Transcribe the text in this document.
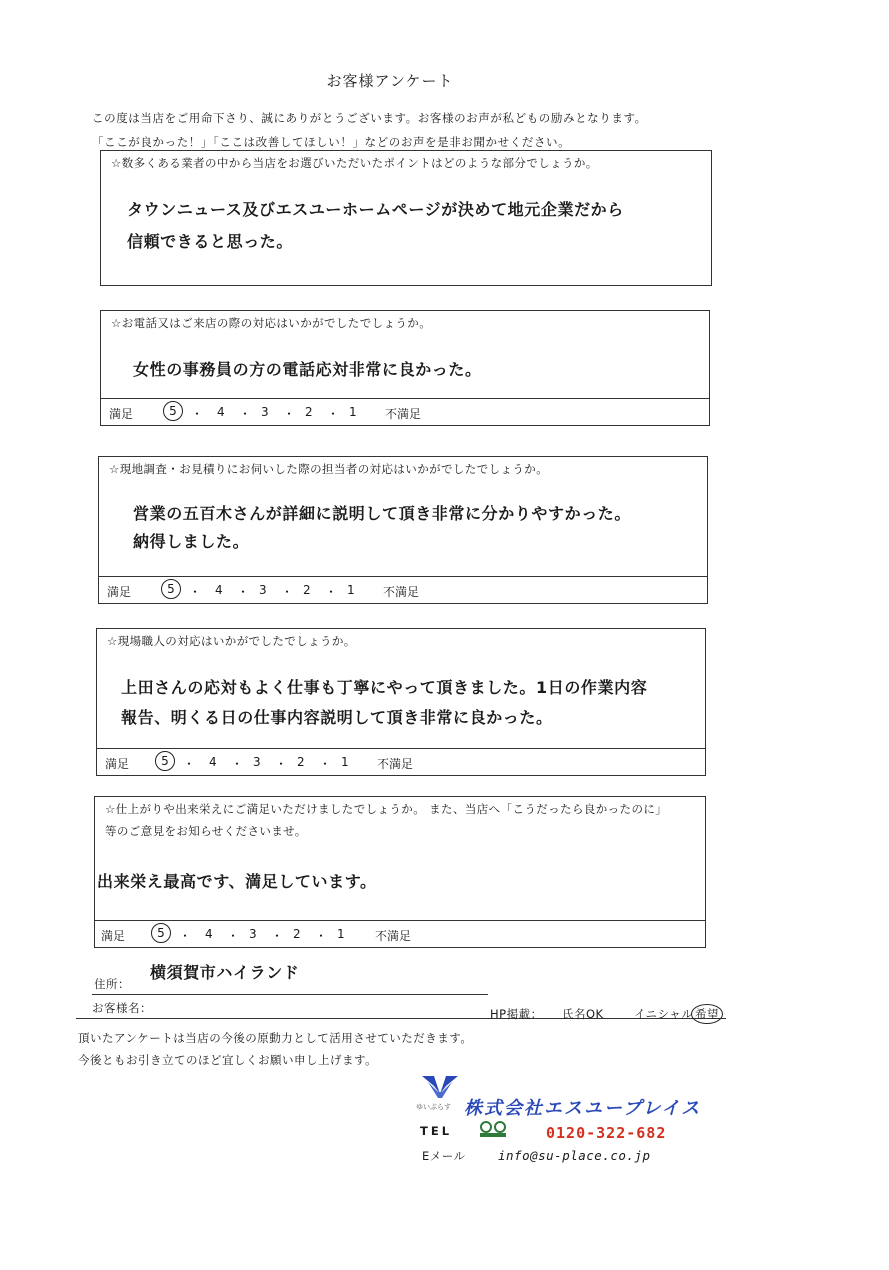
お客様アンケート
この度は当店をご用命下さり、誠にありがとうございます。お客様のお声が私どもの励みとなります。
「ここが良かった！」「ここは改善してほしい！」などのお声を是非お聞かせください。
☆数多くある業者の中から当店をお選びいただいたポイントはどのような部分でしょうか。
タウンニュース及びエスユーホームページが決めて地元企業だから
信頼できると思った。
☆お電話又はご来店の際の対応はいかがでしたでしょうか。
女性の事務員の方の電話応対非常に良かった。
満足	5	・ 4 ・ 3 ・ 2 ・ 1 不満足
☆現地調査・お見積りにお伺いした際の担当者の対応はいかがでしたでしょうか。
営業の五百木さんが詳細に説明して頂き非常に分かりやすかった。
納得しました。
満足	5	・ 4 ・ 3 ・ 2 ・ 1 不満足
☆現場職人の対応はいかがでしたでしょうか。
上田さんの応対もよく仕事も丁寧にやって頂きました。1日の作業内容
報告、明くる日の仕事内容説明して頂き非常に良かった。
満足	5	・ 4 ・ 3 ・ 2 ・ 1 不満足
☆仕上がりや出来栄えにご満足いただけましたでしょうか。 また、当店へ「こうだったら良かったのに」
等のご意見をお知らせくださいませ。
出来栄え最高です、満足しています。
満足	5	・ 4 ・ 3 ・ 2 ・ 1	不満足
住所：
横須賀市ハイランド
お客様名：	HP掲載： 氏名OK	イニシャル 希望
頂いたアンケートは当店の今後の原動力として活用させていただきます。
今後ともお引き立てのほど宜しくお願い申し上げます。
ゆいぷらす 株式会社エスユープレイス
TEL	0120-322-682
Eメール	info@su-place.co.jp
